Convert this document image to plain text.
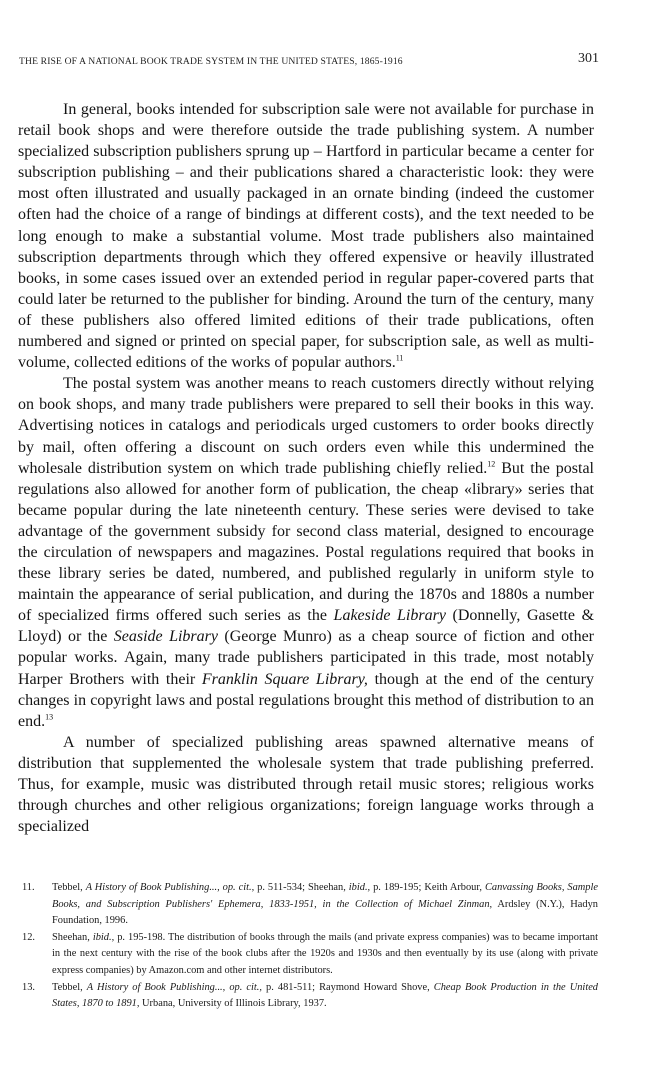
THE RISE OF A NATIONAL BOOK TRADE SYSTEM IN THE UNITED STATES, 1865-1916	301

In general, books intended for subscription sale were not available for purchase in retail book shops and were therefore outside the trade publishing system. A number specialized subscription publishers sprung up – Hartford in particular became a center for subscription publishing – and their publications shared a characteristic look: they were most often illustrated and usually packaged in an ornate binding (indeed the customer often had the choice of a range of bindings at different costs), and the text needed to be long enough to make a substantial volume. Most trade publishers also maintained subscription departments through which they offered expensive or heavily illustrated books, in some cases issued over an extended period in regular paper-covered parts that could later be returned to the publisher for binding. Around the turn of the century, many of these publishers also offered limited editions of their trade publications, often numbered and signed or printed on special paper, for subscription sale, as well as multi-volume, collected editions of the works of popular authors.$^{11}$

The postal system was another means to reach customers directly without relying on book shops, and many trade publishers were prepared to sell their books in this way. Advertising notices in catalogs and periodicals urged customers to order books directly by mail, often offering a discount on such orders even while this undermined the wholesale distribution system on which trade publishing chiefly relied.$^{12}$ But the postal regulations also allowed for another form of publication, the cheap «library» series that became popular during the late nineteenth century. These series were devised to take advantage of the government subsidy for second class material, designed to encourage the circulation of newspapers and magazines. Postal regulations required that books in these library series be dated, numbered, and published regularly in uniform style to maintain the appearance of serial publication, and during the 1870s and 1880s a number of specialized firms offered such series as the Lakeside Library (Donnelly, Gasette & Lloyd) or the Seaside Library (George Munro) as a cheap source of fiction and other popular works. Again, many trade publishers participated in this trade, most notably Harper Brothers with their Franklin Square Library, though at the end of the century changes in copyright laws and postal regulations brought this method of distribution to an end.$^{13}$

A number of specialized publishing areas spawned alternative means of distribution that supplemented the wholesale system that trade publishing preferred. Thus, for example, music was distributed through retail music stores; religious works through churches and other religious organizations; foreign language works through a specialized

11.	Tebbel, A History of Book Publishing..., op. cit., p. 511-534; Sheehan, ibid., p. 189-195; Keith Arbour, Canvassing Books, Sample Books, and Subscription Publishers' Ephemera, 1833-1951, in the Collection of Michael Zinman, Ardsley (N.Y.), Hadyn Foundation, 1996.
12.	Sheehan, ibid., p. 195-198. The distribution of books through the mails (and private express companies) was to became important in the next century with the rise of the book clubs after the 1920s and 1930s and then eventually by its use (along with private express companies) by Amazon.com and other internet distributors.
13.	Tebbel, A History of Book Publishing..., op. cit., p. 481-511; Raymond Howard Shove, Cheap Book Production in the United States, 1870 to 1891, Urbana, University of Illinois Library, 1937.
